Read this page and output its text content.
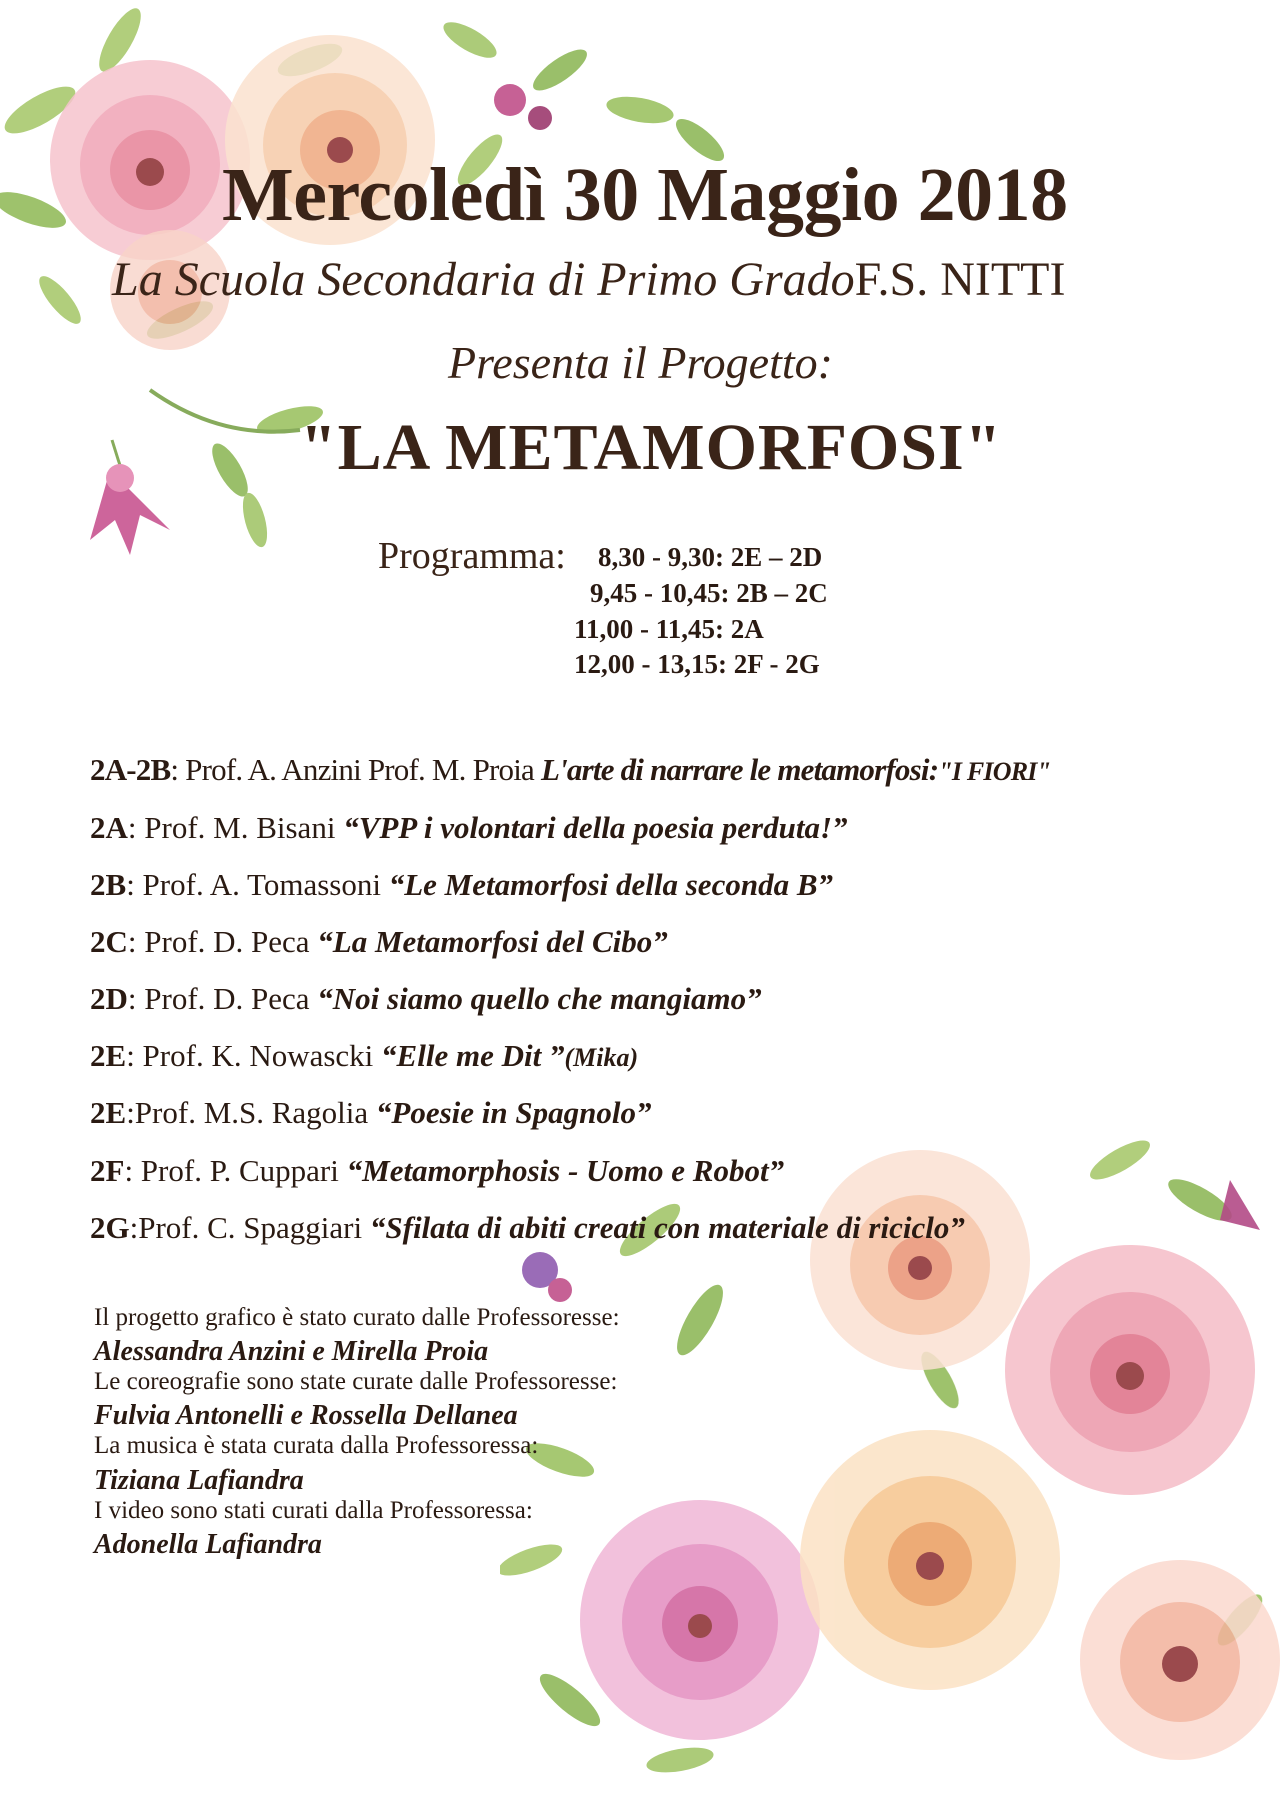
Mercoledì 30 Maggio 2018
La Scuola Secondaria di Primo GradoF.S. NITTI
Presenta il Progetto:
"LA METAMORFOSI"
Programma: 8,30 - 9,30: 2E – 2D
9,45 - 10,45: 2B – 2C
11,00 - 11,45: 2A
12,00 - 13,15: 2F - 2G
2A-2B: Prof. A. Anzini Prof. M. Proia L'arte di narrare le metamorfosi:"I FIORI"
2A: Prof. M. Bisani “VPP i volontari della poesia perduta!”
2B: Prof. A. Tomassoni “Le Metamorfosi della seconda B”
2C: Prof. D. Peca “La Metamorfosi del Cibo”
2D: Prof. D. Peca “Noi siamo quello che mangiamo”
2E: Prof. K. Nowascki “Elle me Dit ”(Mika)
2E:Prof. M.S. Ragolia “Poesie in Spagnolo”
2F: Prof. P. Cuppari “Metamorphosis - Uomo e Robot”
2G:Prof. C. Spaggiari “Sfilata di abiti creati con materiale di riciclo”
Il progetto grafico è stato curato dalle Professoresse:
Alessandra Anzini e Mirella Proia
Le coreografie sono state curate dalle Professoresse:
Fulvia Antonelli e Rossella Dellanea
La musica è stata curata dalla Professoressa:
Tiziana Lafiandra
I video sono stati curati dalla Professoressa:
Adonella Lafiandra
